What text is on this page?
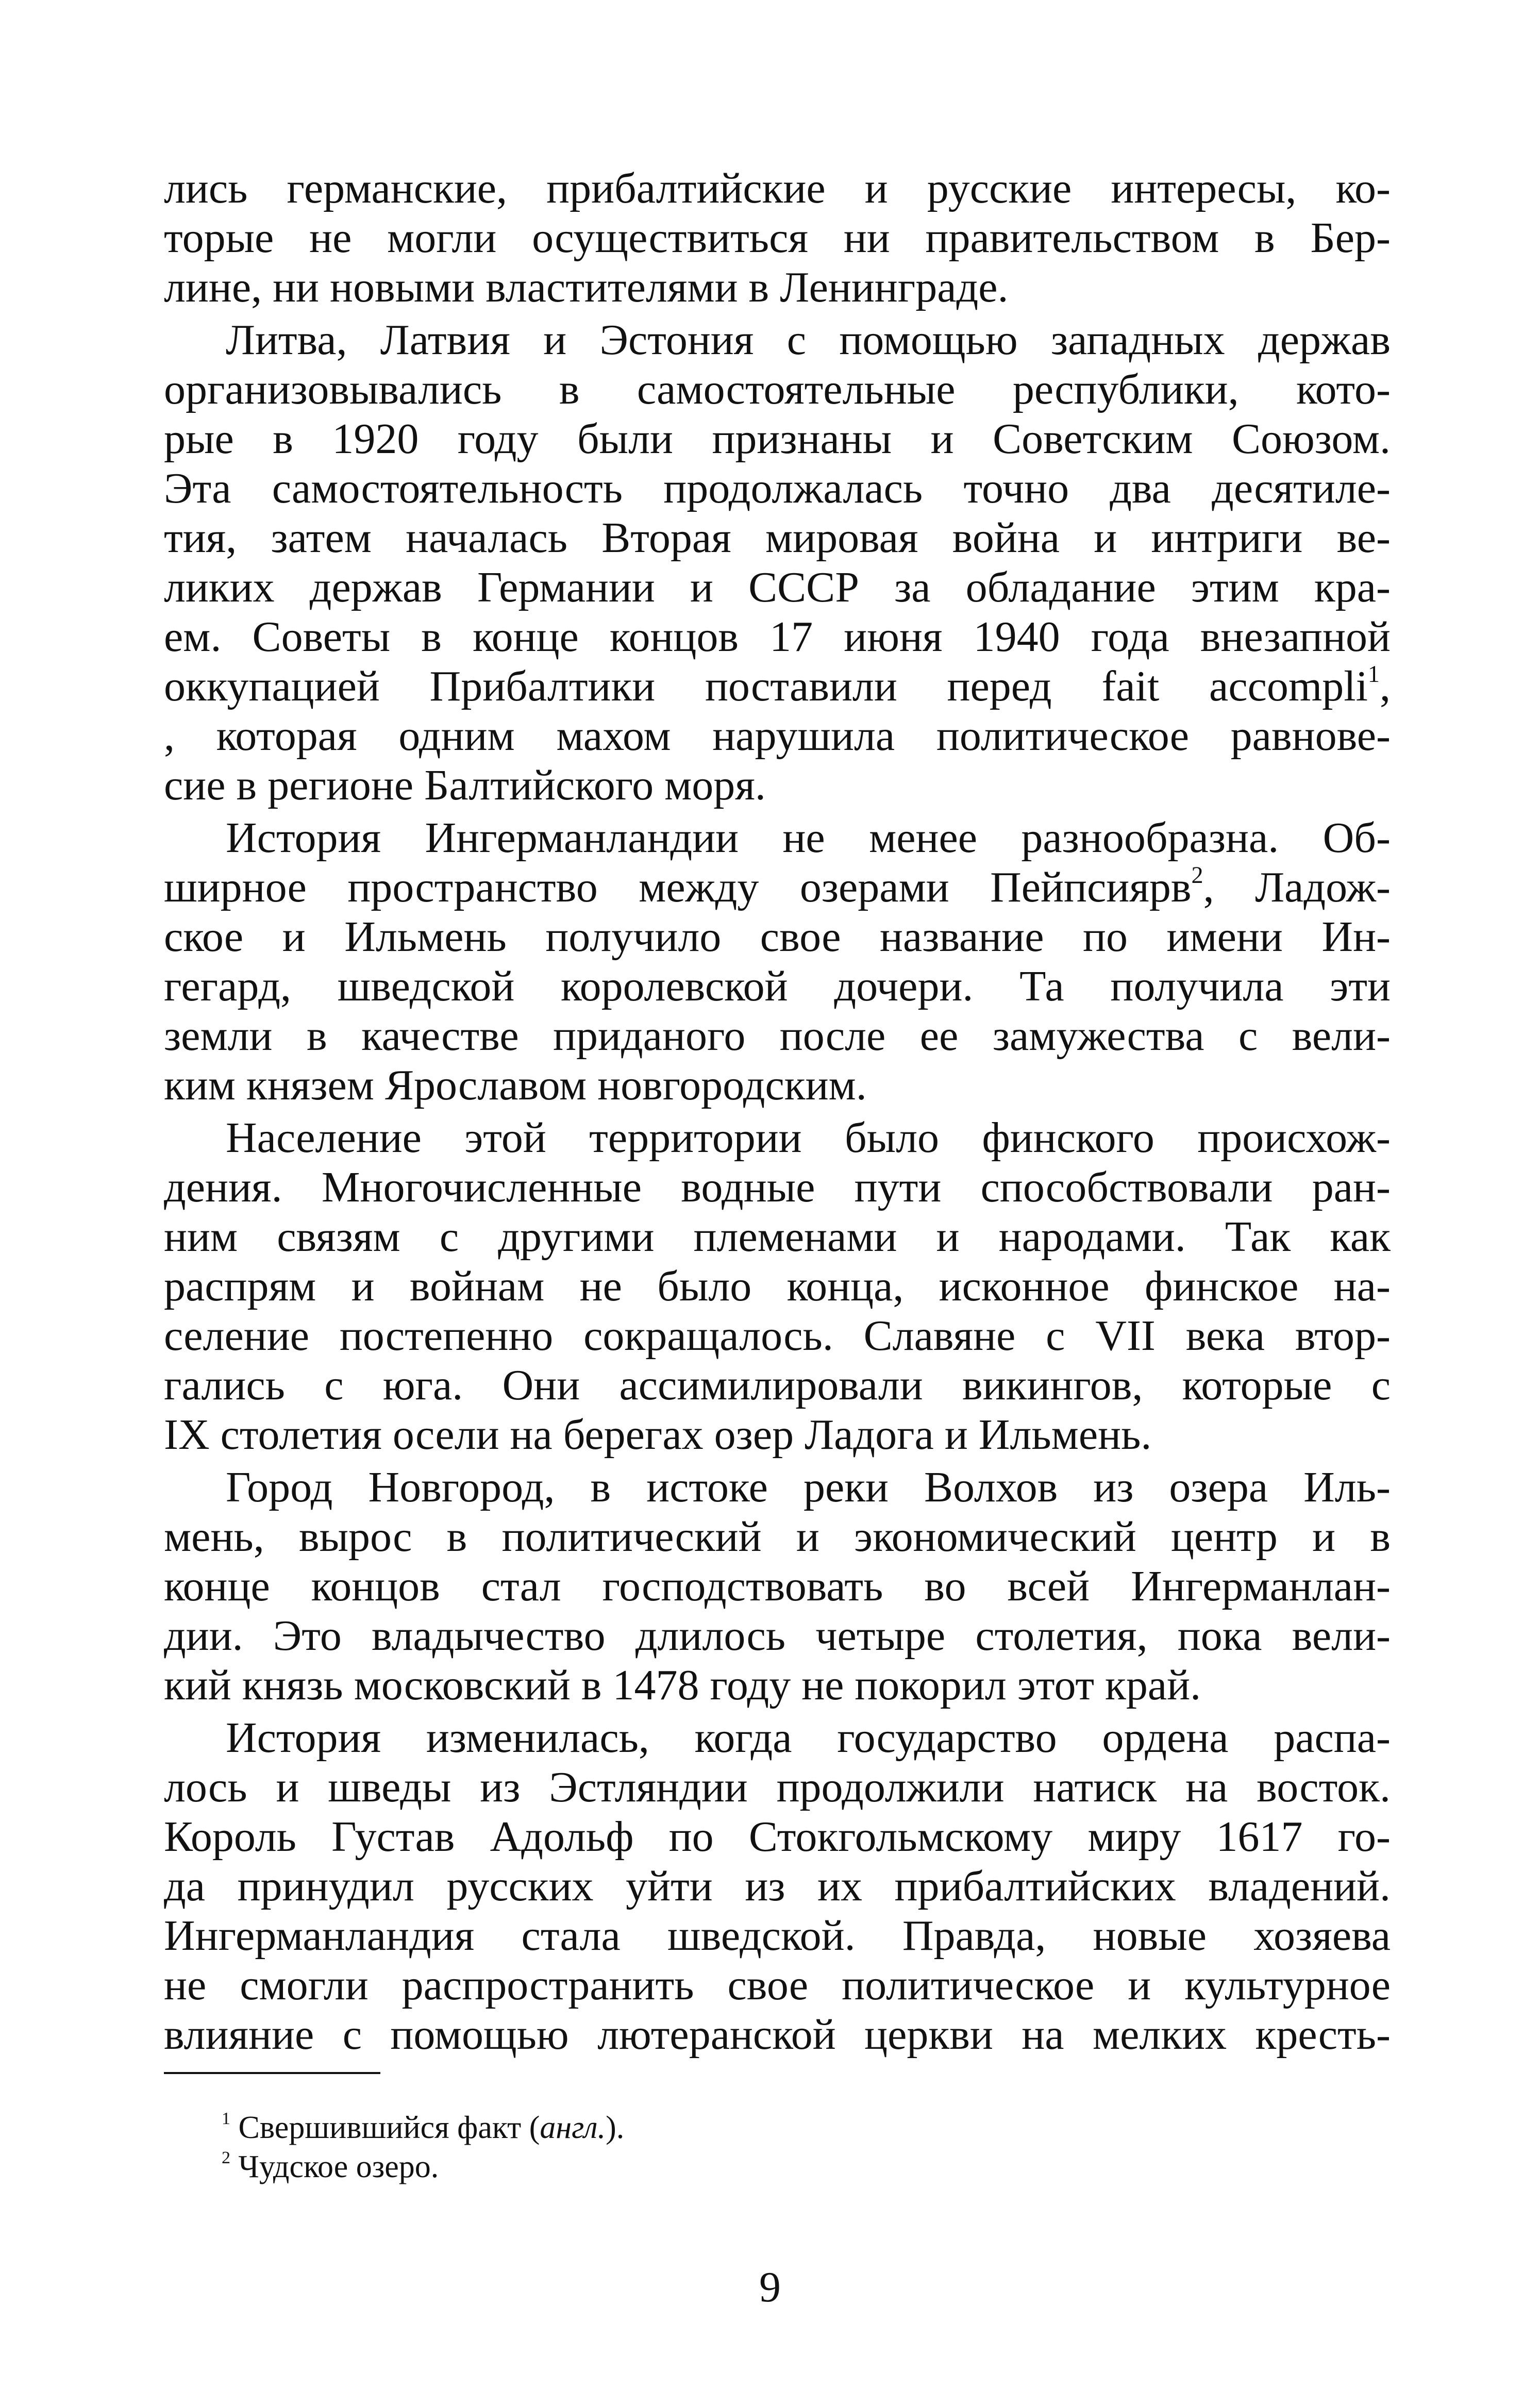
лись германские, прибалтийские и русские интересы, ко-
торые не могли осуществиться ни правительством в Бер-
лине, ни новыми властителями в Ленинграде.
Литва, Латвия и Эстония с помощью западных держав
организовывались в самостоятельные республики, кото-
рые в 1920 году были признаны и Советским Союзом.
Эта самостоятельность продолжалась точно два десятиле-
тия, затем началась Вторая мировая война и интриги ве-
ликих держав Германии и СССР за обладание этим кра-
ем. Советы в конце концов 17 июня 1940 года внезапной
оккупацией Прибалтики поставили перед fait accompli$^1$,
, которая одним махом нарушила политическое равнове-
сие в регионе Балтийского моря.
История Ингерманландии не менее разнообразна. Об-
ширное пространство между озерами Пейпсиярв$^2$, Ладож-
ское и Ильмень получило свое название по имени Ин-
гегард, шведской королевской дочери. Та получила эти
земли в качестве приданого после ее замужества с вели-
ким князем Ярославом новгородским.
Население этой территории было финского происхож-
дения. Многочисленные водные пути способствовали ран-
ним связям с другими племенами и народами. Так как
распрям и войнам не было конца, исконное финское на-
селение постепенно сокращалось. Славяне с VII века втор-
гались с юга. Они ассимилировали викингов, которые с
IX столетия осели на берегах озер Ладога и Ильмень.
Город Новгород, в истоке реки Волхов из озера Иль-
мень, вырос в политический и экономический центр и в
конце концов стал господствовать во всей Ингерманлан-
дии. Это владычество длилось четыре столетия, пока вели-
кий князь московский в 1478 году не покорил этот край.
История изменилась, когда государство ордена распа-
лось и шведы из Эстляндии продолжили натиск на восток.
Король Густав Адольф по Стокгольмскому миру 1617 го-
да принудил русских уйти из их прибалтийских владений.
Ингерманландия стала шведской. Правда, новые хозяева
не смогли распространить свое политическое и культурное
влияние с помощью лютеранской церкви на мелких кресть-
$^1$ Свершившийся факт (англ.).
$^2$ Чудское озеро.
9
